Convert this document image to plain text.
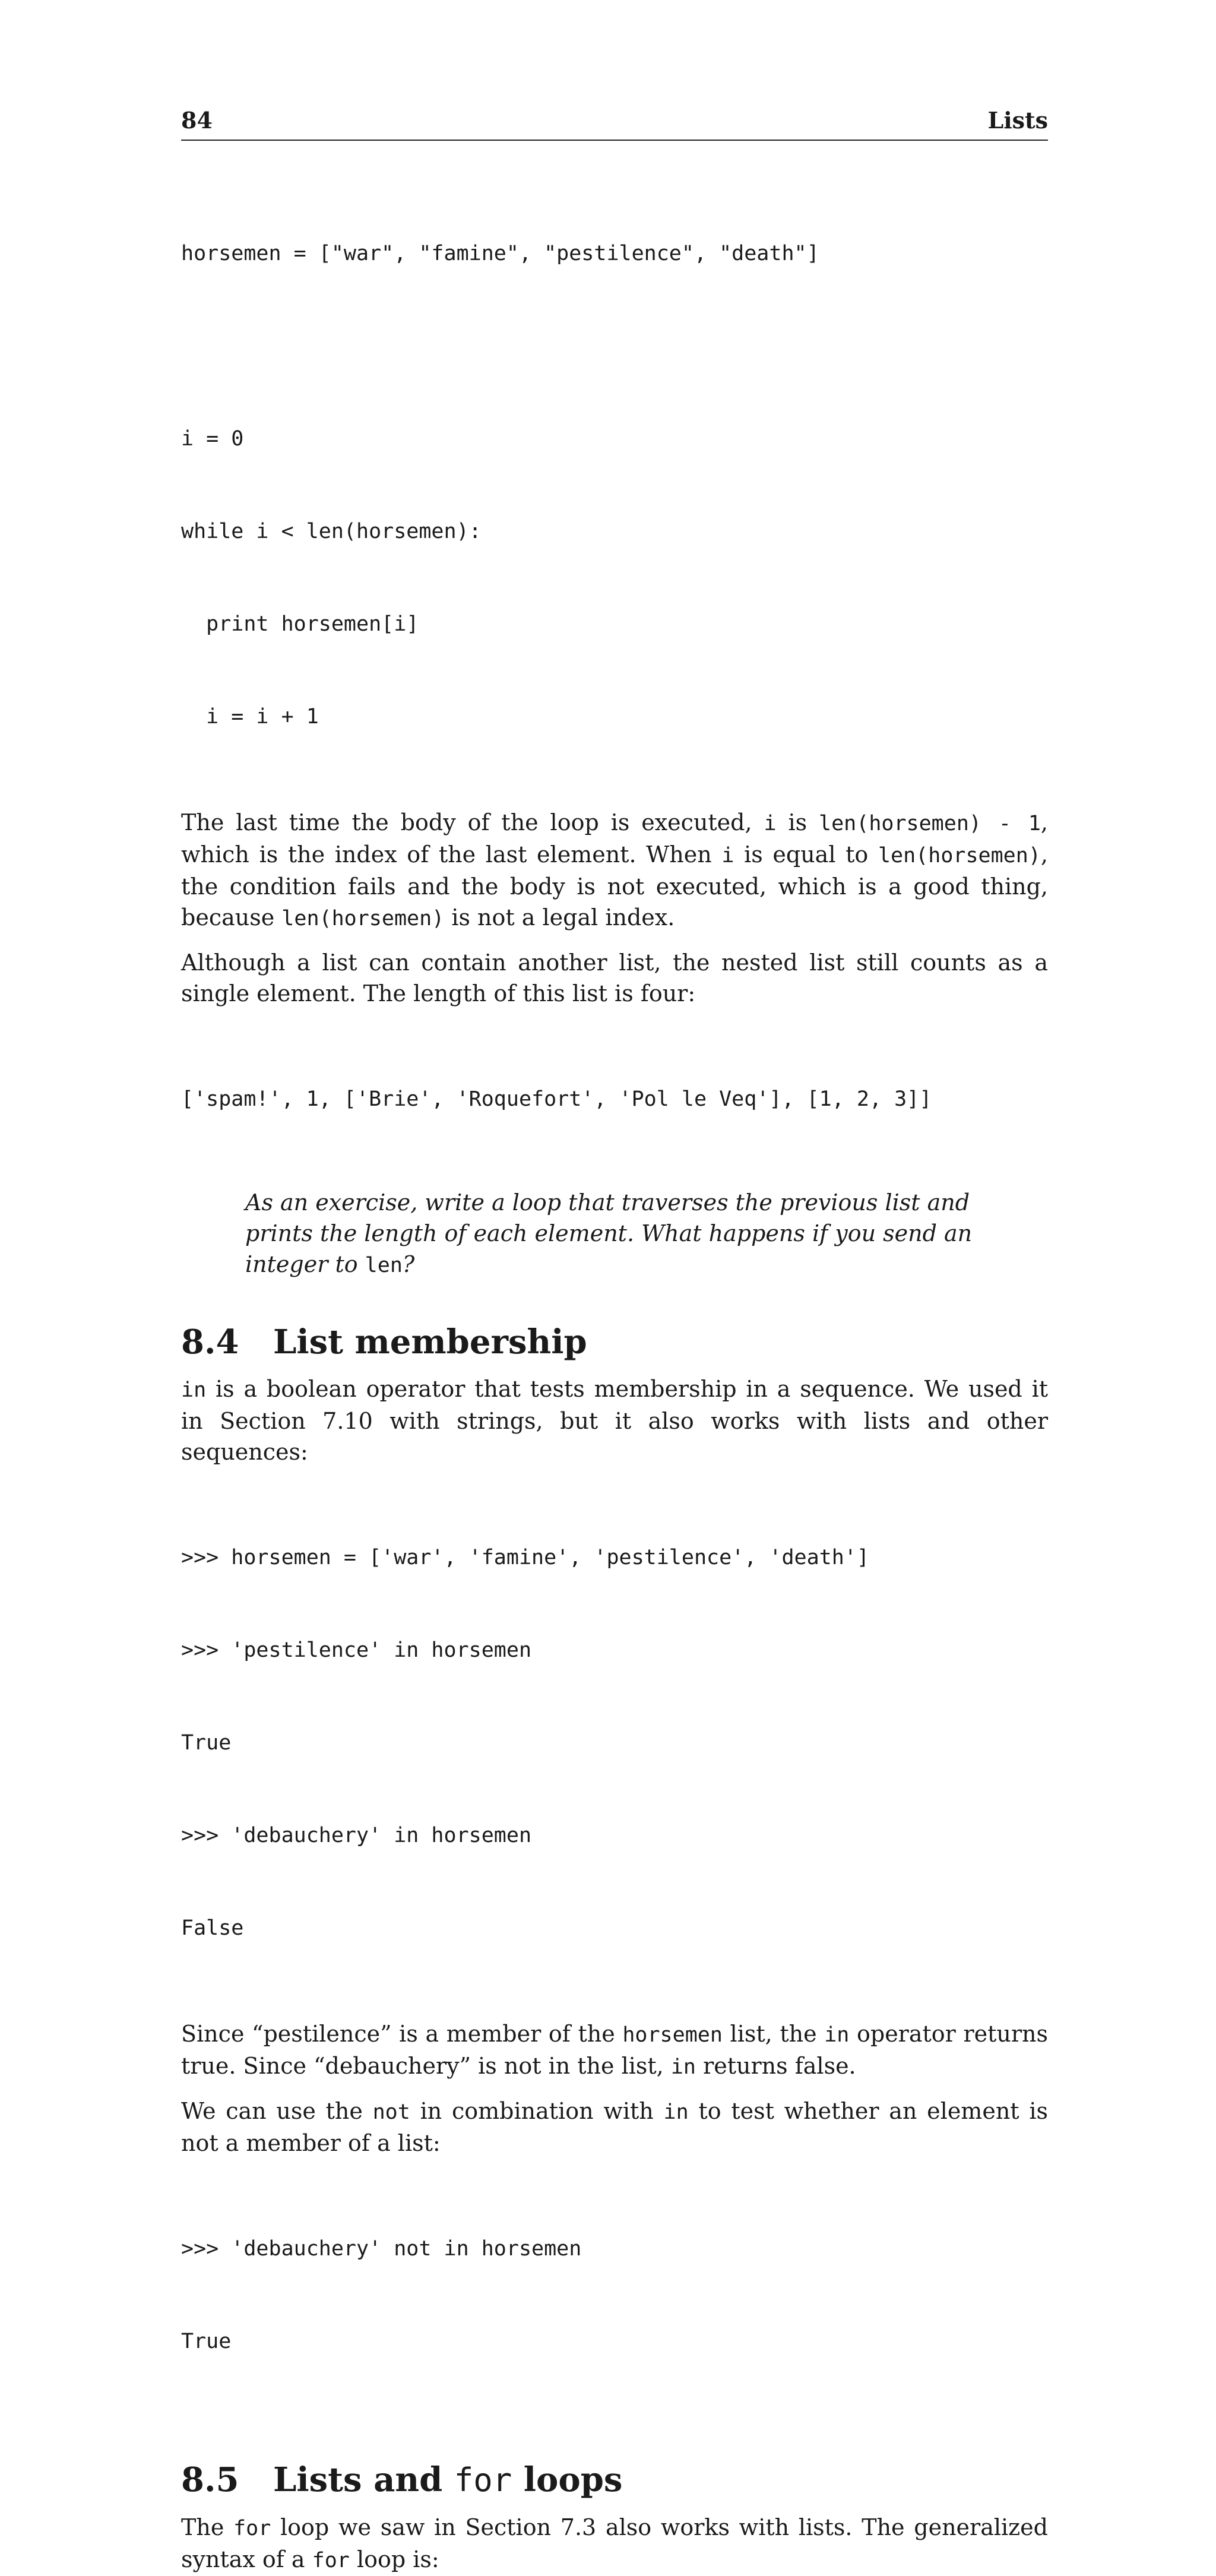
84	Lists

horsemen = ["war", "famine", "pestilence", "death"]

i = 0

while i < len(horsemen):

print horsemen[i]

i = i + 1

The last time the body of the loop is executed, i is len(horsemen) - 1, which is the index of the last element. When i is equal to len(horsemen), the condition fails and the body is not executed, which is a good thing, because len(horsemen) is not a legal index.

Although a list can contain another list, the nested list still counts as a single element. The length of this list is four:

['spam!', 1, ['Brie', 'Roquefort', 'Pol le Veq'], [1, 2, 3]]

As an exercise, write a loop that traverses the previous list and prints the length of each element. What happens if you send an integer to len?
8.4 List membership

in is a boolean operator that tests membership in a sequence. We used it in Section 7.10 with strings, but it also works with lists and other sequences:

>>> horsemen = ['war', 'famine', 'pestilence', 'death']

>>> 'pestilence' in horsemen

True

>>> 'debauchery' in horsemen

False

Since “pestilence” is a member of the horsemen list, the in operator returns true. Since “debauchery” is not in the list, in returns false.

We can use the not in combination with in to test whether an element is not a member of a list:

>>> 'debauchery' not in horsemen

True

8.5 Lists and for loops

The for loop we saw in Section 7.3 also works with lists. The generalized syntax of a for loop is:
